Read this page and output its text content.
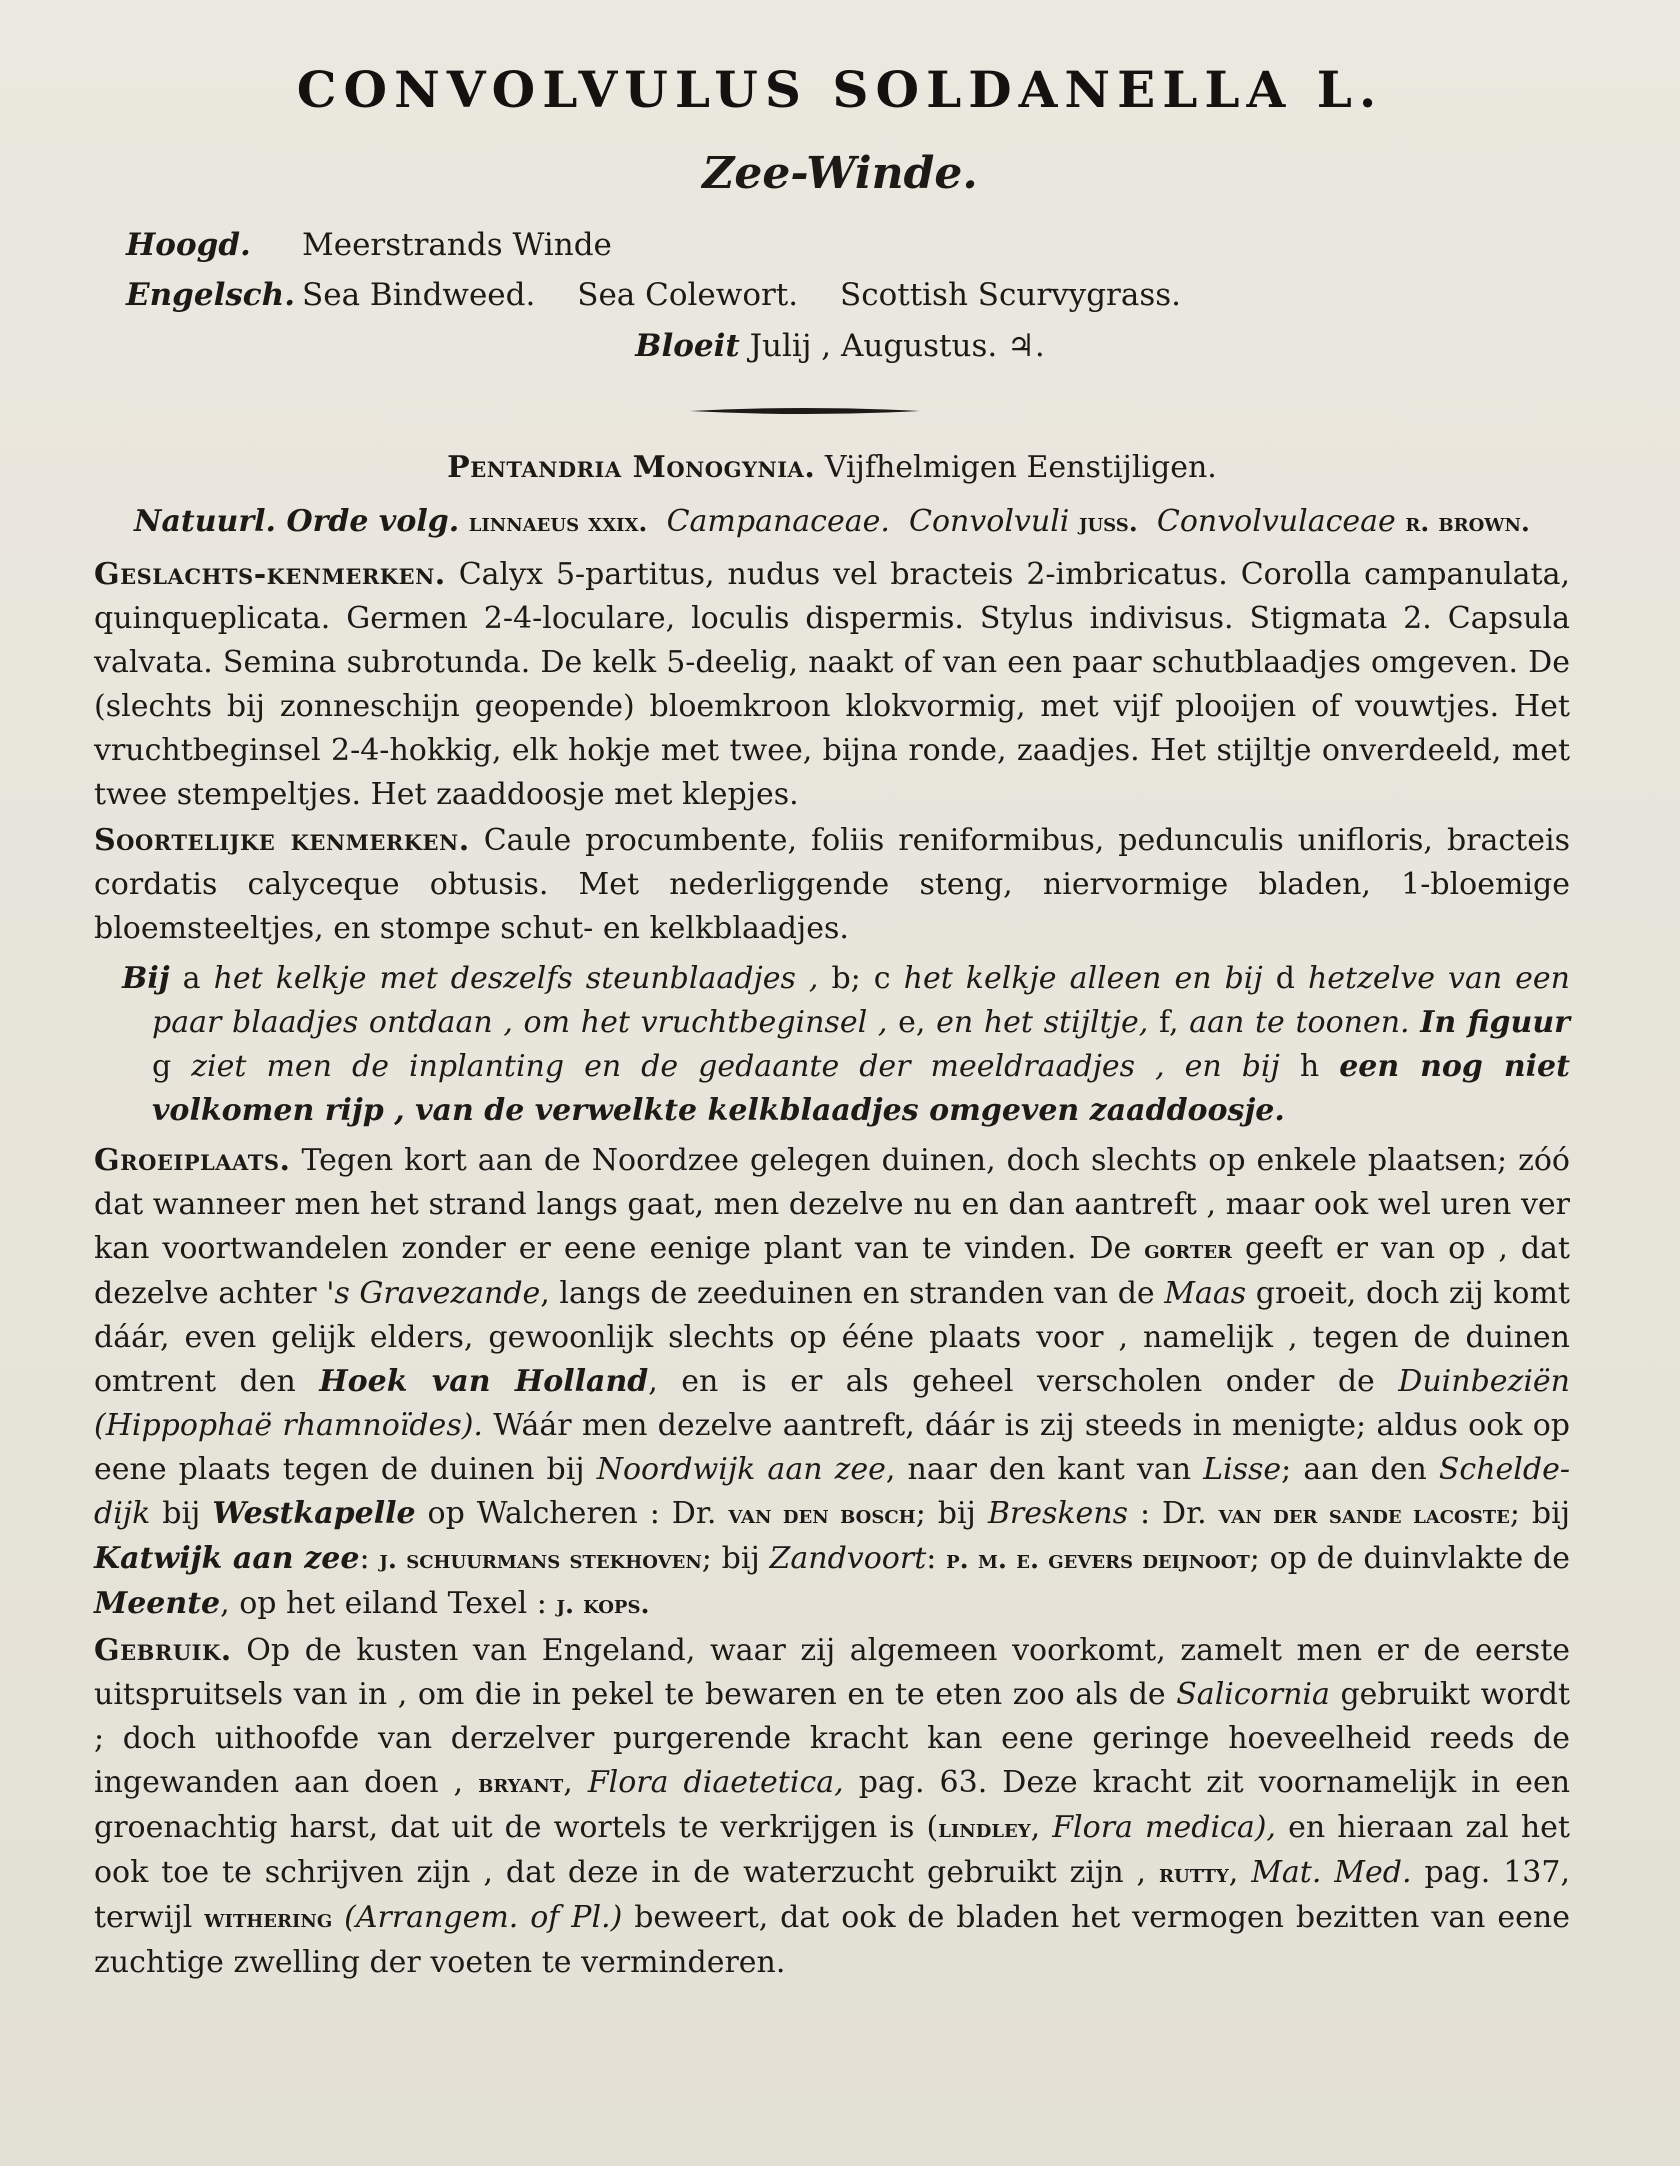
CONVOLVULUS SOLDANELLA L.
Zee-Winde.
Hoogd.	Meerstrands Winde
Engelsch. Sea Bindweed. Sea Colewort. Scottish Scurvygrass.
Bloeit Julij , Augustus. ♃.

Pentandria Monogynia. Vijfhelmigen Eenstijligen.

Natuurl. Orde volg. linnaeus xxix. Campanaceae. Convolvuli juss. Convolvulaceae r. brown.

Geslachts-kenmerken. Calyx 5-partitus, nudus vel bracteis 2-imbricatus. Corolla campanulata, quinqueplicata. Germen 2-4-loculare, loculis dispermis. Stylus indivisus. Stigmata 2. Capsula valvata. Semina subrotunda. De kelk 5-deelig, naakt of van een paar schutblaadjes omgeven. De (slechts bij zonneschijn geopende) bloemkroon klokvormig, met vijf plooijen of vouwtjes. Het vruchtbeginsel 2-4-hokkig, elk hokje met twee, bijna ronde, zaadjes. Het stijltje onverdeeld, met twee stempeltjes. Het zaaddoosje met klepjes.

Soortelijke kenmerken. Caule procumbente, foliis reniformibus, pedunculis unifloris, bracteis cordatis calyceque obtusis. Met nederliggende steng, niervormige bladen, 1-bloemige bloemsteeltjes, en stompe schut- en kelkblaadjes.

Bij a het kelkje met deszelfs steunblaadjes , b; c het kelkje alleen en bij d hetzelve van een paar blaadjes ontdaan , om het vruchtbeginsel , e, en het stijltje, f, aan te toonen. In figuur g ziet men de inplanting en de gedaante der meeldraadjes , en bij h een nog niet volkomen rijp , van de verwelkte kelkblaadjes omgeven zaaddoosje.

Groeiplaats. Tegen kort aan de Noordzee gelegen duinen, doch slechts op enkele plaatsen; zóó dat wanneer men het strand langs gaat, men dezelve nu en dan aantreft , maar ook wel uren ver kan voortwandelen zonder er eene eenige plant van te vinden. De gorter geeft er van op , dat dezelve achter 's Gravezande, langs de zeeduinen en stranden van de Maas groeit, doch zij komt dáár, even gelijk elders, gewoonlijk slechts op ééne plaats voor , namelijk , tegen de duinen omtrent den Hoek van Holland, en is er als geheel verscholen onder de Duinbeziën (Hippophaë rhamnoïdes). Wáár men dezelve aantreft, dáár is zij steeds in menigte; aldus ook op eene plaats tegen de duinen bij Noordwijk aan zee, naar den kant van Lisse; aan den Schelde-dijk bij Westkapelle op Walcheren : Dr. van den bosch; bij Breskens : Dr. van der sande lacoste; bij Katwijk aan zee: j. schuurmans stekhoven; bij Zandvoort: p. m. e. gevers deijnoot; op de duinvlakte de Meente, op het eiland Texel : j. kops.

Gebruik. Op de kusten van Engeland, waar zij algemeen voorkomt, zamelt men er de eerste uitspruitsels van in , om die in pekel te bewaren en te eten zoo als de Salicornia gebruikt wordt ; doch uithoofde van derzelver purgerende kracht kan eene geringe hoeveelheid reeds de ingewanden aan doen , bryant, Flora diaetetica, pag. 63. Deze kracht zit voornamelijk in een groenachtig harst, dat uit de wortels te verkrijgen is (lindley, Flora medica), en hieraan zal het ook toe te schrijven zijn , dat deze in de waterzucht gebruikt zijn , rutty, Mat. Med. pag. 137, terwijl withering (Arrangem. of Pl.) beweert, dat ook de bladen het vermogen bezitten van eene zuchtige zwelling der voeten te verminderen.
